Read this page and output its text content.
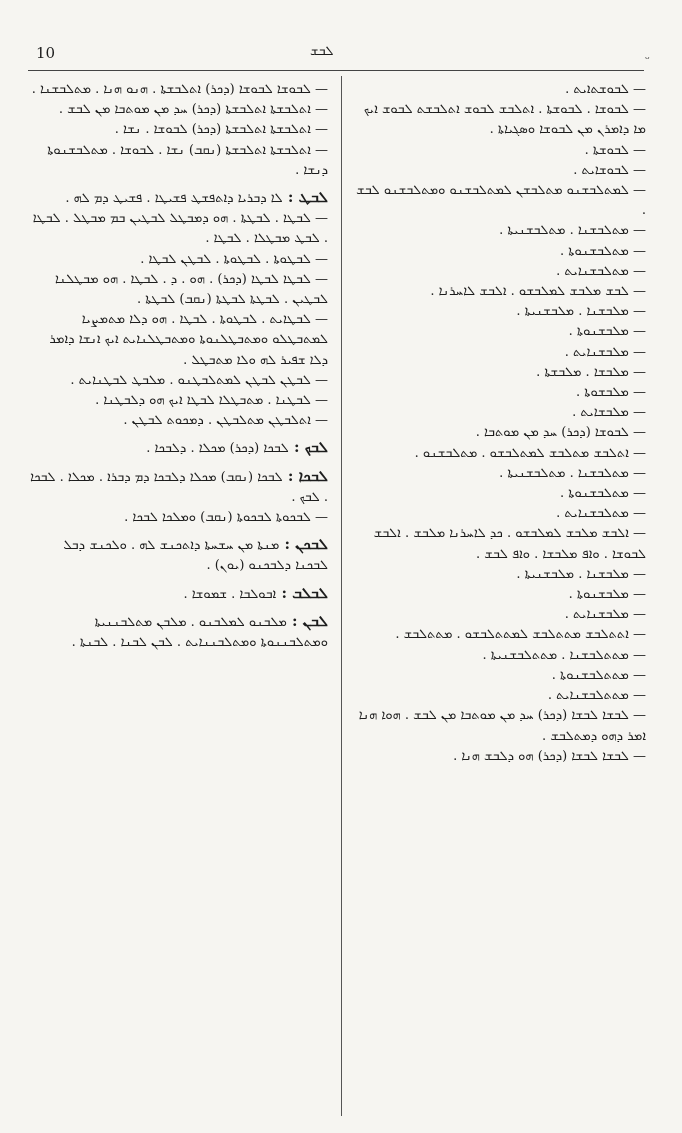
10	ܠܒܫ	ᵕ
— ܠܒܘܫܬܐܝܬ .
— ܠܒܘܫܐ . ܠܒܘܫܬܐ . ܐܬܠܒܫ ܠܒܘܫ ܐܬܠܒܫܬ ܠܒܘܫ ܐܝܟ ܡܐ ܕܐܡܪܢ ܡܢ ܠܒܘܫܐ ܘܣܓܝܐܬܐ .
— ܠܒܘܫܬܐ .
— ܠܒܘܫܐܝܬ .
— ܠܡܬܠܒܫܢܘ ܡܬܠܒܫܢ ܠܡܬܠܒܫܢܘ ܘܡܬܠܒܫܢܘ ܠܒܫ .
— ܡܬܠܒܫܢܐ . ܡܬܠܒܫܢܝܬܐ .
— ܡܬܠܒܫܢܘܬܐ .
— ܡܬܠܒܫܢܐܝܬ .
— ܠܒܫ ܡܠܒܫ ܠܡܠܒܫܘ . ܐܠܒܫ ܠܐܚܪܢܐ .
— ܡܠܒܫܢܐ . ܡܠܒܫܢܝܬܐ .
— ܡܠܒܫܢܘܬܐ .
— ܡܠܒܫܢܐܝܬ .
— ܡܠܒܫܐ . ܡܠܒܫܬܐ .
— ܡܠܒܫܘܬܐ .
— ܡܠܒܫܐܝܬ .
— ܠܒܘܫܐ (ܕܟܪ) ܚܕ ܡܢ ܡܘܬܒܐ .
— ܐܬܠܒܫ ܡܬܠܒܫ ܠܡܬܠܒܫܘ . ܡܬܠܒܫܢܘ .
— ܡܬܠܒܫܢܐ . ܡܬܠܒܫܢܝܬܐ .
— ܡܬܠܒܫܢܘܬܐ .
— ܡܬܠܒܫܢܐܝܬ .
— ܐܠܒܫ ܡܠܒܫ ܠܡܠܒܫܘ . ܟܕ ܠܐܚܪܢܐ ܡܠܒܫ . ܐܠܒܫ ܠܒܘܫܐ . ܘܐܦ ܡܠܒܫܐ . ܘܐܦ ܠܒܫ .
— ܡܠܒܫܢܐ . ܡܠܒܫܢܝܬܐ .
— ܡܠܒܫܢܘܬܐ .
— ܡܠܒܫܢܐܝܬ .
— ܐܬܬܠܒܫ ܡܬܬܠܒܫ ܠܡܬܬܠܒܫܘ . ܡܬܬܠܒܫ .
— ܡܬܬܠܒܫܢܐ . ܡܬܬܠܒܫܢܝܬܐ .
— ܡܬܬܠܒܫܢܘܬܐ .
— ܡܬܬܠܒܫܢܐܝܬ .
— ܠܒܫܐ ܠܒܫܐ (ܕܟܪ) ܚܕ ܡܢ ܡܘܬܒܐ ܡܢ ܠܒܫ . ܗܘܐ ܗܢܐ ܐܡܪ ܕܗܘ ܕܡܬܠܒܫ .
— ܠܒܫܐ ܠܒܫܐ (ܕܟܪ) ܗܘ ܕܠܒܫ ܗܢܐ .
— ܠܒܘܫܐ ܠܒܘܫܐ (ܕܟܪ) ܐܬܠܒܫܬܐ . ܗܢܘ ܗܢܐ . ܡܬܠܒܫܢܐ .
— ܐܬܠܒܫܬܐ ܐܬܠܒܫܬܐ (ܕܟܪ) ܚܕ ܡܢ ܡܘܬܒܐ ܡܢ ܠܒܫ .
— ܐܬܠܒܫܬܐ ܐܬܠܒܫܬܐ (ܕܟܪ) ܠܒܘܫܐ . ܢܫܐ .
— ܐܬܠܒܫܬܐ ܐܬܠܒܫܬܐ (ܢܩܒ) ܢܫܐ . ܠܒܘܫܐ . ܡܬܠܒܫܢܘܬܐ ܕܢܫܐ .
ܠܒܛ : ܠܐ ܕܒܪܝܐ ܕܐܬܦܫܛ ܦܫܝܛܐ . ܦܫܝܛ ܕܡ ܠܗ .
— ܠܒܛܐ . ܠܒܛܬܐ . ܗܘ ܕܡܒܛܠ ܠܒܛܝܢ ܒܡ ܡܒܛܠ . ܠܒܛܐ . ܠܒܛ ܡܒܛܠܐ . ܠܒܛܐ .
— ܠܒܛܘܬܐ . ܠܒܛܘܬܐ . ܠܒܛܢ ܠܒܛܐ .
— ܠܒܛܐ ܠܒܛܐ (ܕܟܪ) . ܗܘ . ܕ . ܠܒܛܐ . ܗܘ ܡܒܛܠܢܐ ܠܒܛܝܢ . ܠܒܛܬܐ ܠܒܛܬܐ (ܢܩܒ) ܠܒܛܬܐ .
— ܠܒܛܐܝܬ . ܠܒܛܘܬܐ . ܠܒܛܐ . ܗܘ ܕܠܐ ܡܬܡܨܝܐ ܠܡܬܒܛܠܘ ܘܡܬܒܛܠܢܘܬܐ ܘܡܬܒܛܠܢܐܝܬ ܐܝܟ ܐܢܫܐ ܕܐܡܪ ܕܠܐ ܫܦܝܪ ܠܗ ܘܠܐ ܡܬܒܛܠ .
— ܠܒܛܢ ܠܒܛܢ ܠܡܬܠܒܛܢܘ . ܡܠܒܛ ܠܒܛܢܐܝܬ .
— ܠܒܛܢܐ . ܡܬܒܛܠܐ ܠܒܛܐ ܐܝܟ ܗܘ ܕܠܒܛܢܐ .
— ܐܬܠܒܛܢ ܡܬܠܒܛܢ . ܕܡܟܘܬ ܠܒܛܢ .
ܠܒܟ : ܠܒܟܐ (ܕܟܪ) ܡܟܠܐ . ܕܠܒܟܐ .
ܠܒܟܐ : ܠܒܟܐ (ܢܩܒ) ܡܟܠܐ ܕܠܒܟܐ ܕܡ ܕܒܪܐ . ܡܟܠܐ . ܠܒܟܐ . ܠܒܟ .
— ܠܒܟܘܬܐ ܠܒܟܘܬܐ (ܢܩܒ) ܘܡܠܟܐ ܠܒܟܐ .
ܠܒܟܢ : ܡܢܬܐ ܡܢ ܚܫܚܬܐ ܕܐܬܟܢܫ ܠܗ . ܘܠܟܢܫ ܕܒܠ ܠܒܟܢܐ ܕܠܒܟܢܘ (ܝܘܢ) .
ܠܒܠܒ : ܐܒܘܠܒܐ . ܫܡܘܫܐ .
ܠܒܢ : ܡܠܒܢܘ ܠܡܠܒܢܘ . ܡܠܒܢ ܡܬܠܒܢܢܝܬܐ ܘܡܬܠܒܢܢܘܬܐ ܘܡܬܠܒܢܢܐܝܬ . ܠܒܢ ܠܒܢܐ . ܠܒܢܬܐ .
